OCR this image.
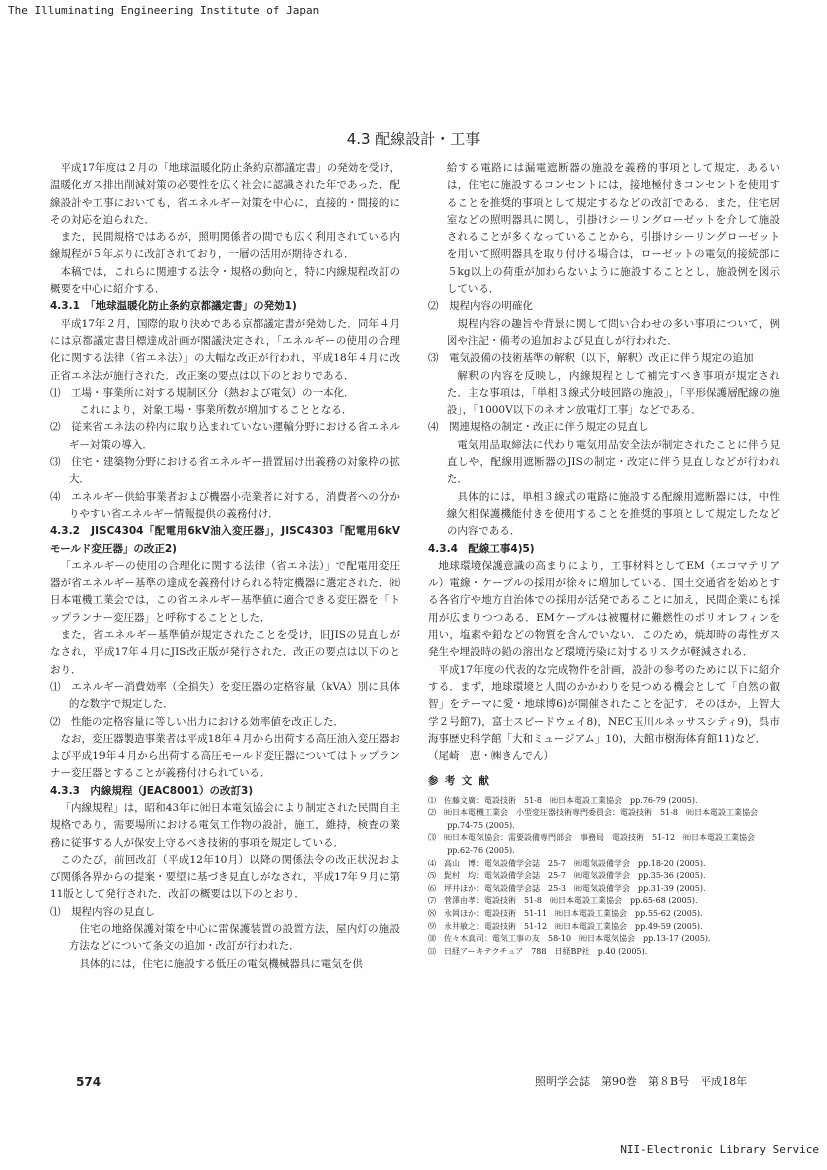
The Illuminating Engineering Institute of Japan
4.3 配線設計・工事

平成17年度は２月の「地球温暖化防止条約京都議定書」の発効を受け，温暖化ガス排出削減対策の必要性を広く社会に認識された年であった．配線設計や工事においても，省エネルギー対策を中心に，直接的・間接的にその対応を迫られた．

また，民間規格ではあるが，照明関係者の間でも広く利用されている内線規程が５年ぶりに改訂されており，一層の活用が期待される．

本稿では，これらに関連する法令・規格の動向と，特に内線規程改訂の概要を中心に紹介する．

4.3.1　「地球温暖化防止条約京都議定書」の発効1)

平成17年２月，国際的取り決めである京都議定書が発効した．同年４月には京都議定書目標達成計画が閣議決定され，「エネルギーの使用の合理化に関する法律（省エネ法）」の大幅な改正が行われ，平成18年４月に改正省エネ法が施行された．改正案の要点は以下のとおりである．

⑴　工場・事業所に対する規制区分（熱および電気）の一本化．

これにより，対象工場・事業所数が増加することとなる．

⑵　従来省エネ法の枠内に取り込まれていない運輸分野における省エネルギー対策の導入．

⑶　住宅・建築物分野における省エネルギー措置届け出義務の対象枠の拡大．

⑷　エネルギー供給事業者および機器小売業者に対する，消費者への分かりやすい省エネルギー情報提供の義務付け．

4.3.2　JISC4304「配電用6kV油入変圧器」，JISC4303「配電用6kVモールド変圧器」の改正2)

「エネルギーの使用の合理化に関する法律（省エネ法）」で配電用変圧器が省エネルギー基準の達成を義務付けられる特定機器に選定された．㈳日本電機工業会では，この省エネルギー基準値に適合できる変圧器を「トップランナー変圧器」と呼称することとした．

また，省エネルギー基準値が規定されたことを受け，旧JISの見直しがなされ，平成17年４月にJIS改正版が発行された．改正の要点は以下のとおり．

⑴　エネルギー消費効率（全損失）を変圧器の定格容量（kVA）別に具体的な数字で規定した．

⑵　性能の定格容量に等しい出力における効率値を改正した．

なお，変圧器製造事業者は平成18年４月から出荷する高圧油入変圧器および平成19年４月から出荷する高圧モールド変圧器についてはトップランナー変圧器とすることが義務付けられている．

4.3.3　内線規程（JEAC8001）の改訂3)

「内線規程」は，昭和43年に㈳日本電気協会により制定された民間自主規格であり，需要場所における電気工作物の設計，施工，維持，検査の業務に従事する人が保安上守るべき技術的事項を規定している．

このたび，前回改訂（平成12年10月）以降の関係法令の改正状況および関係各界からの提案・要望に基づき見直しがなされ，平成17年９月に第11版として発行された．改訂の概要は以下のとおり．

⑴　規程内容の見直し

住宅の地絡保護対策を中心に雷保護装置の設置方法，屋内灯の施設方法などについて条文の追加・改訂が行われた．

具体的には，住宅に施設する低圧の電気機械器具に電気を供

給する電路には漏電遮断器の施設を義務的事項として規定．あるいは，住宅に施設するコンセントには，接地極付きコンセントを使用することを推奨的事項として規定するなどの改訂である．また，住宅居室などの照明器具に関し，引掛けシーリングローゼットを介して施設されることが多くなっていることから，引掛けシーリングローゼットを用いて照明器具を取り付ける場合は，ローゼットの電気的接続部に５kg以上の荷重が加わらないように施設することとし，施設例を図示している．

⑵　規程内容の明確化

規程内容の趣旨や背景に関して問い合わせの多い事項について，例図や注記・備考の追加および見直しが行われた．

⑶　電気設備の技術基準の解釈（以下，解釈）改正に伴う規定の追加

解釈の内容を反映し，内線規程として補完すべき事項が規定された．主な事項は，「単相３線式分岐回路の施設」，「平形保護層配線の施設」，「1000V以下のネオン放電灯工事」などである．

⑷　関連規格の制定・改正に伴う規定の見直し

電気用品取締法に代わり電気用品安全法が制定されたことに伴う見直しや，配線用遮断器のJISの制定・改定に伴う見直しなどが行われた．

具体的には，単相３線式の電路に施設する配線用遮断器には，中性線欠相保護機能付きを使用することを推奨的事項として規定したなどの内容である．

4.3.4　配線工事4)5)

地球環境保護意識の高まりにより，工事材料としてEM（エコマテリアル）電線・ケーブルの採用が徐々に増加している．国土交通省を始めとする各省庁や地方自治体での採用が活発であることに加え，民間企業にも採用が広まりつつある．EMケーブルは被覆材に難燃性のポリオレフィンを用い，塩素や鉛などの物質を含んでいない．このため，焼却時の毒性ガス発生や埋設時の鉛の溶出など環境汚染に対するリスクが軽減される．

平成17年度の代表的な完成物件を計画，設計の参考のために以下に紹介する．まず，地球環境と人間のかかわりを見つめる機会として「自然の叡智」をテーマに愛・地球博6)が開催されたことを記す．そのほか，上智大学２号館7)，富士スピードウェイ8)，NEC玉川ルネッサスシティ9)，呉市海事歴史科学館「大和ミュージアム」10)，大館市樹海体育館11)など．

（尾崎　恵・㈱きんでん）

参考文献

⑴　佐藤文廣：電設技術　51-8　㈳日本電設工業協会　pp.76-79 (2005).
⑵　㈳日本電機工業会　小型変圧器技術専門委員会：電設技術　51-8　㈳日本電設工業協会　pp.74-75 (2005).
⑶　㈳日本電気協会：需要設備専門部会　事務局　電設技術　51-12　㈳日本電設工業協会　pp.62-76 (2005).
⑷　高山　博：電気設備学会誌　25-7　㈳電気設備学会　pp.18-20 (2005).
⑸　髭村　均：電気設備学会誌　25-7　㈳電気設備学会　pp.35-36 (2005).
⑹　坪井ほか：電気設備学会誌　25-3　㈳電気設備学会　pp.31-39 (2005).
⑺　菅澤由孝：電設技術　51-8　㈳日本電設工業協会　pp.65-68 (2005).
⑻　永岡ほか：電設技術　51-11　㈳日本電設工業協会　pp.55-62 (2005).
⑼　永井敏之：電設技術　51-12　㈳日本電設工業協会　pp.49-59 (2005).
⑽　佐々木真司：電気工事の友　58-10　㈳日本電気協会　pp.13-17 (2005).
⑾　日経アーキテクチュア　788　日経BP社　p.40 (2005).
574	照明学会誌　第90巻　第８B号　平成18年
NII-Electronic Library Service
